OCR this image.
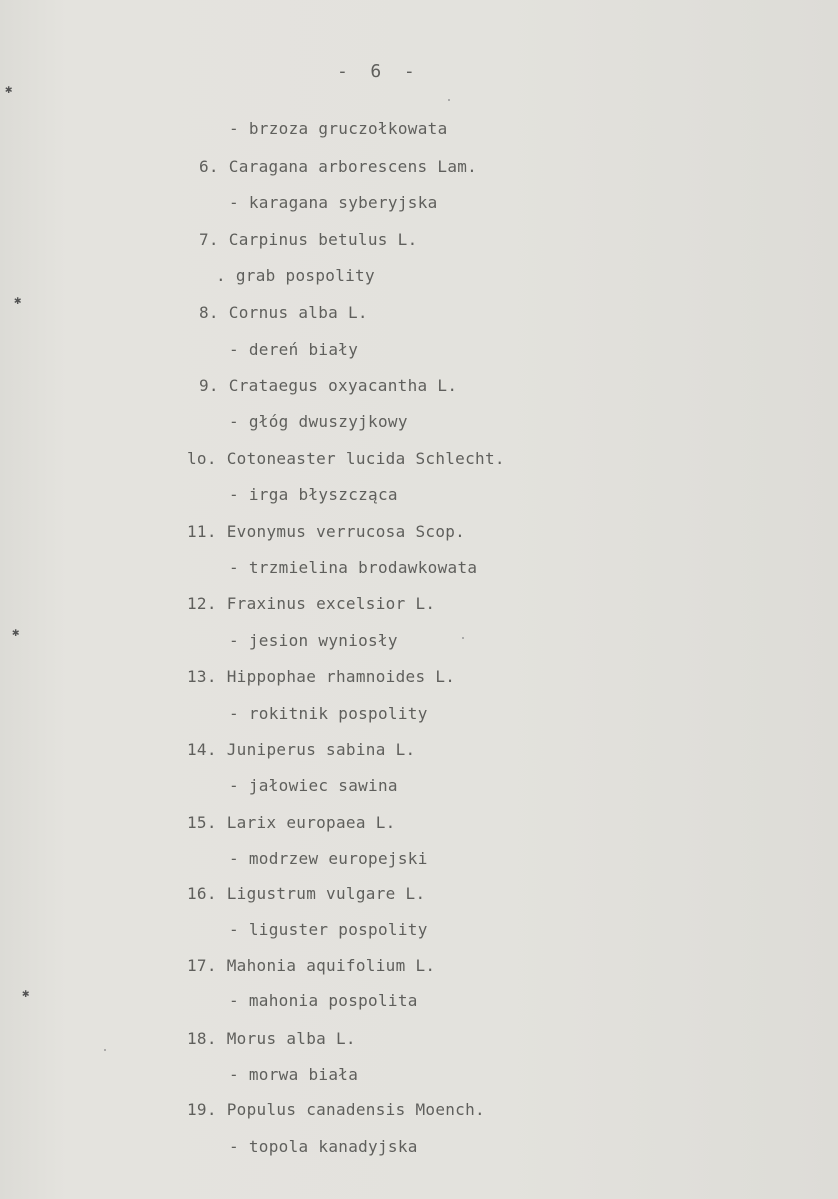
✱
✱
✱
✱
-  6  -
- brzoza gruczołkowata
6. Caragana arborescens Lam.
- karagana syberyjska
7. Carpinus betulus L.
. grab pospolity
8. Cornus alba L.
- dereń biały
9. Crataegus oxyacantha L.
- głóg dwuszyjkowy
lo. Cotoneaster lucida Schlecht.
- irga błyszcząca
11. Evonymus verrucosa Scop.
- trzmielina brodawkowata
12. Fraxinus excelsior L.
- jesion wyniosły
13. Hippophae rhamnoides L.
- rokitnik pospolity
14. Juniperus sabina L.
- jałowiec sawina
15. Larix europaea L.
- modrzew europejski
16. Ligustrum vulgare L.
- liguster pospolity
17. Mahonia aquifolium L.
- mahonia pospolita
18. Morus alba L.
- morwa biała
19. Populus canadensis Moench.
- topola kanadyjska
